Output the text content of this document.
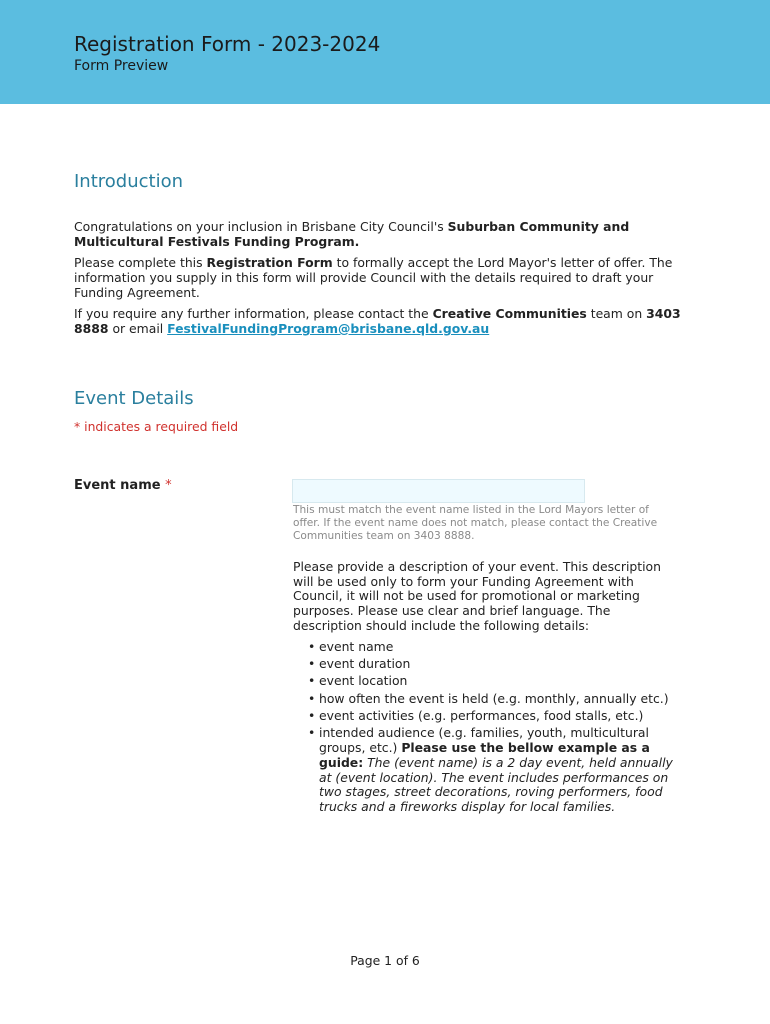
Registration Form - 2023-2024
Form Preview
Introduction

Congratulations on your inclusion in Brisbane City Council's Suburban Community and Multicultural Festivals Funding Program.

Please complete this Registration Form to formally accept the Lord Mayor's letter of offer. The information you supply in this form will provide Council with the details required to draft your Funding Agreement.

If you require any further information, please contact the Creative Communities team on 3403 8888 or email FestivalFundingProgram@brisbane.qld.gov.au

Event Details
* indicates a required field
Event name *
This must match the event name listed in the Lord Mayors letter of offer. If the event name does not match, please contact the Creative Communities team on 3403 8888.

Please provide a description of your event. This description will be used only to form your Funding Agreement with Council, it will not be used for promotional or marketing purposes. Please use clear and brief language. The description should include the following details:

• event name
• event duration
• event location
• how often the event is held (e.g. monthly, annually etc.)
• event activities (e.g. performances, food stalls, etc.)
• intended audience (e.g. families, youth, multicultural groups, etc.) Please use the bellow example as a guide: The (event name) is a 2 day event, held annually at (event location). The event includes performances on two stages, street decorations, roving performers, food trucks and a fireworks display for local families.
Page 1 of 6
